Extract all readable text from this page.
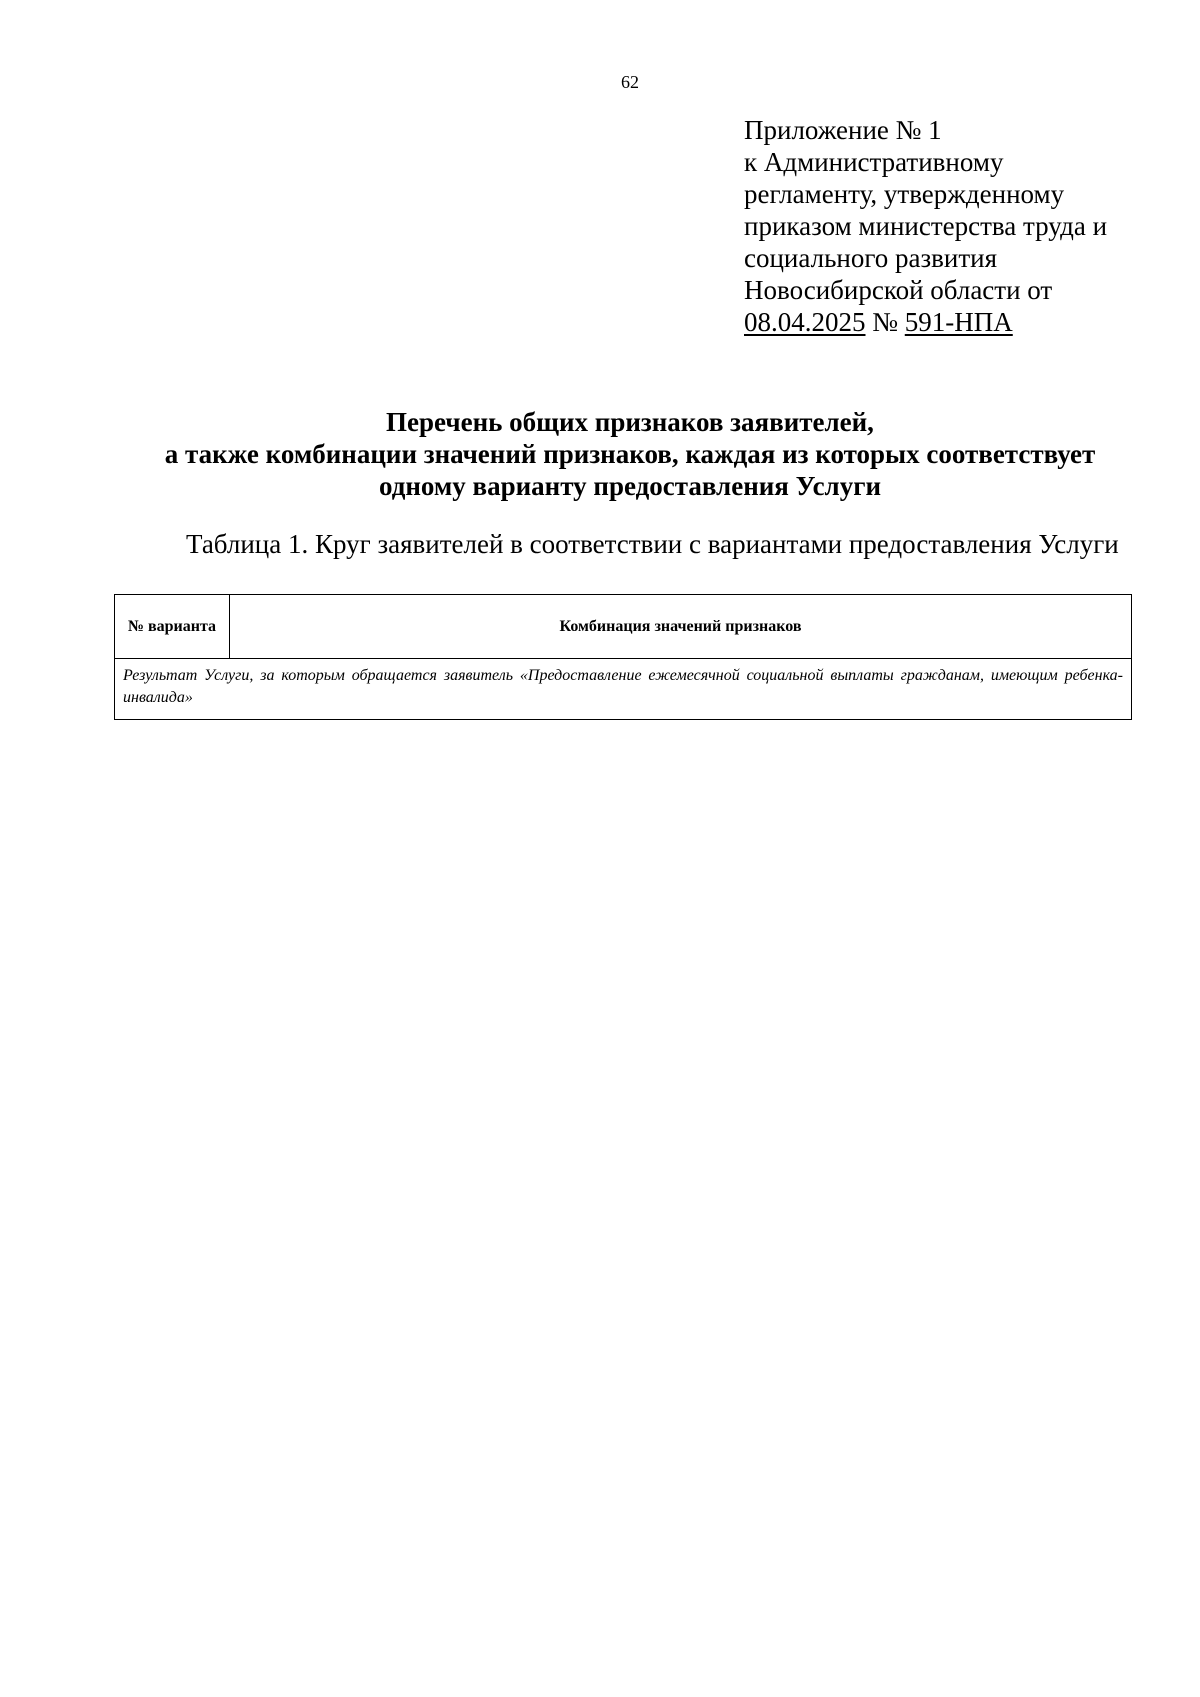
62
Приложение № 1
к Административному
регламенту, утвержденному
приказом министерства труда и
социального развития
Новосибирской области от
08.04.2025 № 591-НПА
Перечень общих признаков заявителей,
а также комбинации значений признаков, каждая из которых соответствует
одному варианту предоставления Услуги
Таблица 1. Круг заявителей в соответствии с вариантами предоставления Услуги
№ варианта	Комбинация значений признаков
Результат Услуги, за которым обращается заявитель «Предоставление ежемесячной социальной выплаты гражданам, имеющим ребенка-инвалида»
